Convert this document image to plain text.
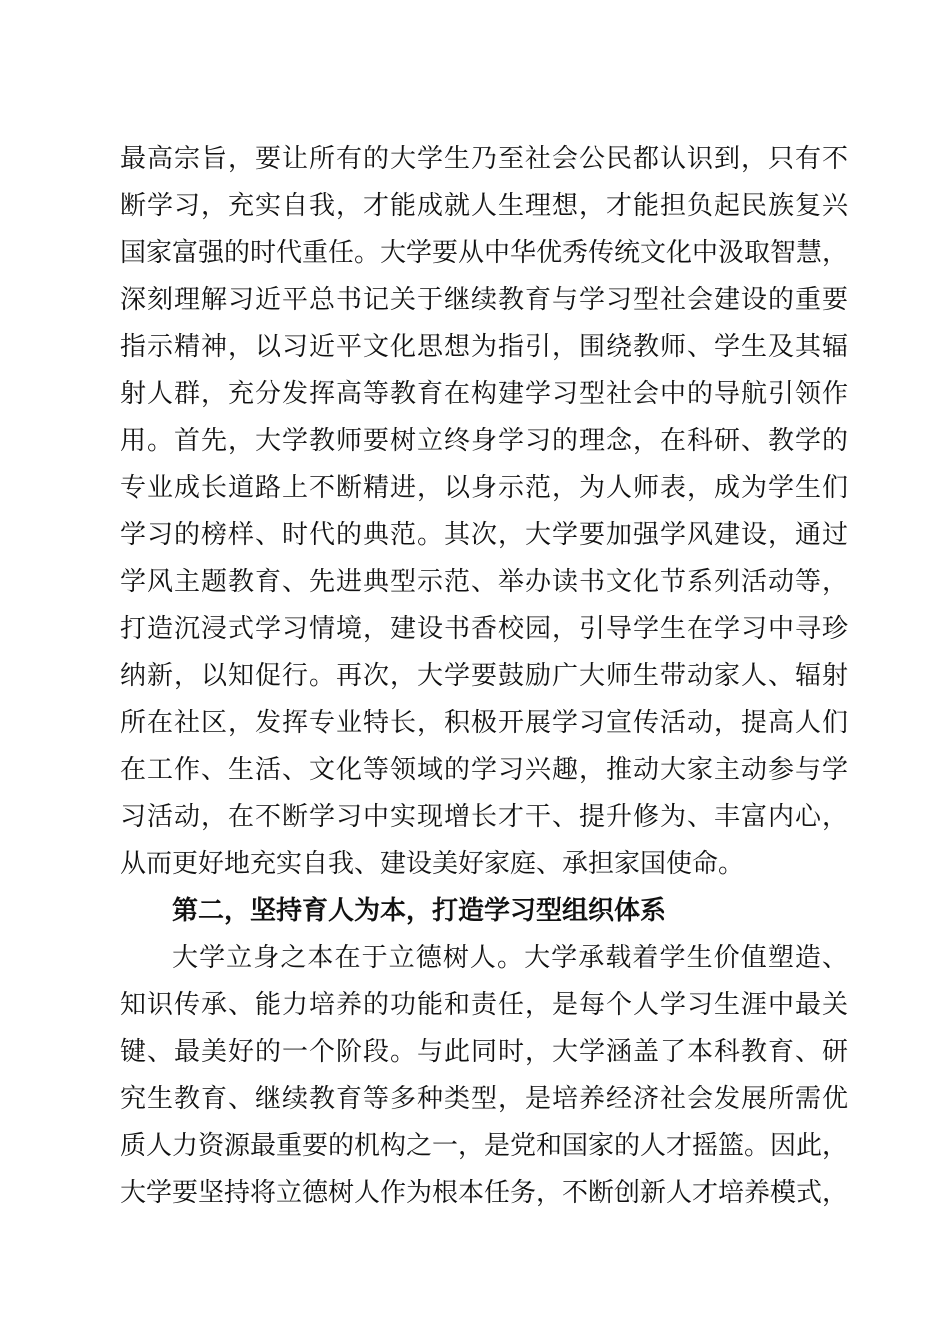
最高宗旨，要让所有的大学生乃至社会公民都认识到，只有不
断学习，充实自我，才能成就人生理想，才能担负起民族复兴
国家富强的时代重任。大学要从中华优秀传统文化中汲取智慧，
深刻理解习近平总书记关于继续教育与学习型社会建设的重要
指示精神，以习近平文化思想为指引，围绕教师、学生及其辐
射人群，充分发挥高等教育在构建学习型社会中的导航引领作
用。首先，大学教师要树立终身学习的理念，在科研、教学的
专业成长道路上不断精进，以身示范，为人师表，成为学生们
学习的榜样、时代的典范。其次，大学要加强学风建设，通过
学风主题教育、先进典型示范、举办读书文化节系列活动等，
打造沉浸式学习情境，建设书香校园，引导学生在学习中寻珍
纳新，以知促行。再次，大学要鼓励广大师生带动家人、辐射
所在社区，发挥专业特长，积极开展学习宣传活动，提高人们
在工作、生活、文化等领域的学习兴趣，推动大家主动参与学
习活动，在不断学习中实现增长才干、提升修为、丰富内心，
从而更好地充实自我、建设美好家庭、承担家国使命。
第二，坚持育人为本，打造学习型组织体系
大学立身之本在于立德树人。大学承载着学生价值塑造、
知识传承、能力培养的功能和责任，是每个人学习生涯中最关
键、最美好的一个阶段。与此同时，大学涵盖了本科教育、研
究生教育、继续教育等多种类型，是培养经济社会发展所需优
质人力资源最重要的机构之一，是党和国家的人才摇篮。因此，
大学要坚持将立德树人作为根本任务，不断创新人才培养模式，
